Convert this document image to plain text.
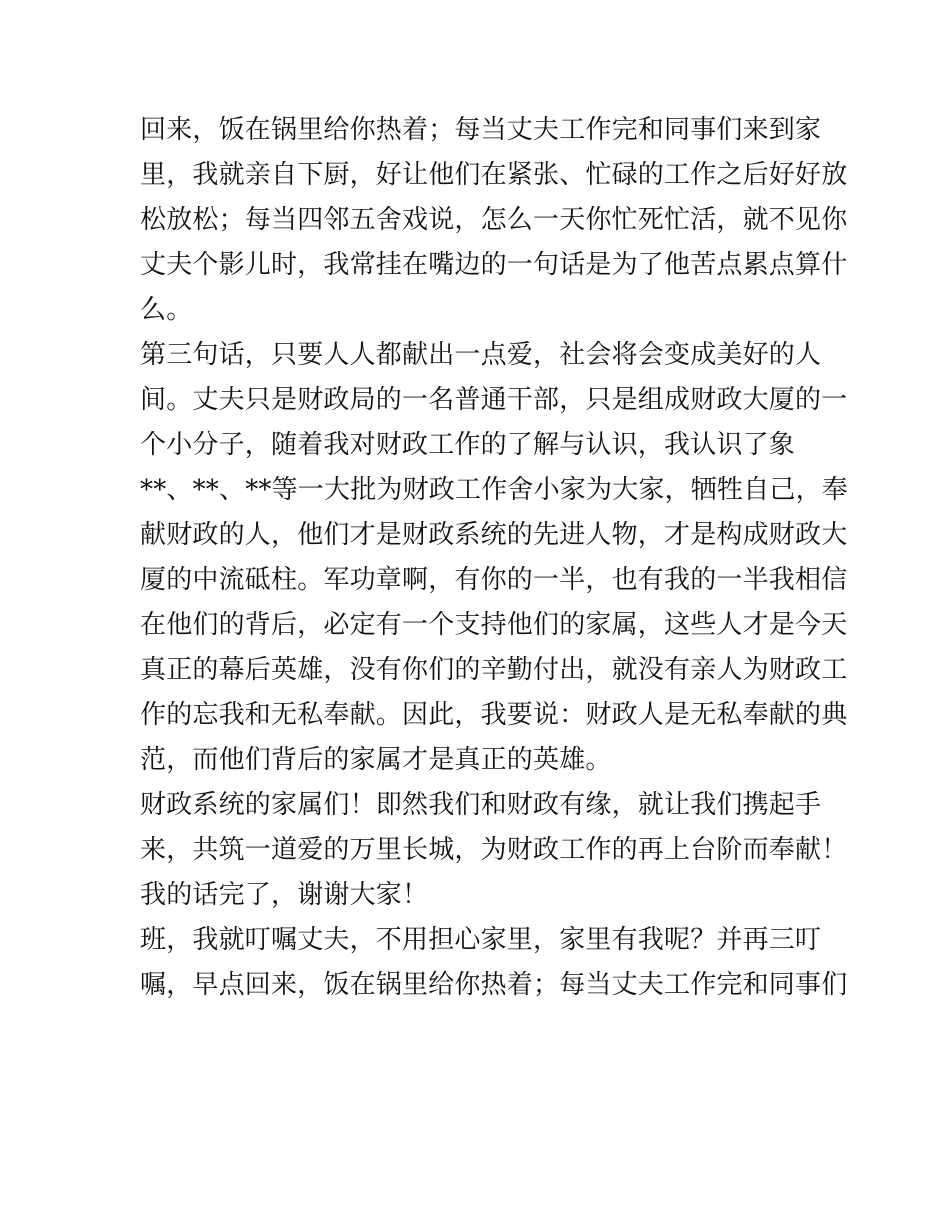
回来，饭在锅里给你热着；每当丈夫工作完和同事们来到家
里，我就亲自下厨，好让他们在紧张、忙碌的工作之后好好放
松放松；每当四邻五舍戏说，怎么一天你忙死忙活，就不见你
丈夫个影儿时，我常挂在嘴边的一句话是为了他苦点累点算什
么。
第三句话，只要人人都献出一点爱，社会将会变成美好的人
间。丈夫只是财政局的一名普通干部，只是组成财政大厦的一
个小分子，随着我对财政工作的了解与认识，我认识了象
**、**、**等一大批为财政工作舍小家为大家，牺牲自己，奉
献财政的人，他们才是财政系统的先进人物，才是构成财政大
厦的中流砥柱。军功章啊，有你的一半，也有我的一半我相信
在他们的背后，必定有一个支持他们的家属，这些人才是今天
真正的幕后英雄，没有你们的辛勤付出，就没有亲人为财政工
作的忘我和无私奉献。因此，我要说：财政人是无私奉献的典
范，而他们背后的家属才是真正的英雄。
财政系统的家属们！即然我们和财政有缘，就让我们携起手
来，共筑一道爱的万里长城，为财政工作的再上台阶而奉献！
我的话完了，谢谢大家！
班，我就叮嘱丈夫，不用担心家里，家里有我呢？并再三叮
嘱，早点回来，饭在锅里给你热着；每当丈夫工作完和同事们
